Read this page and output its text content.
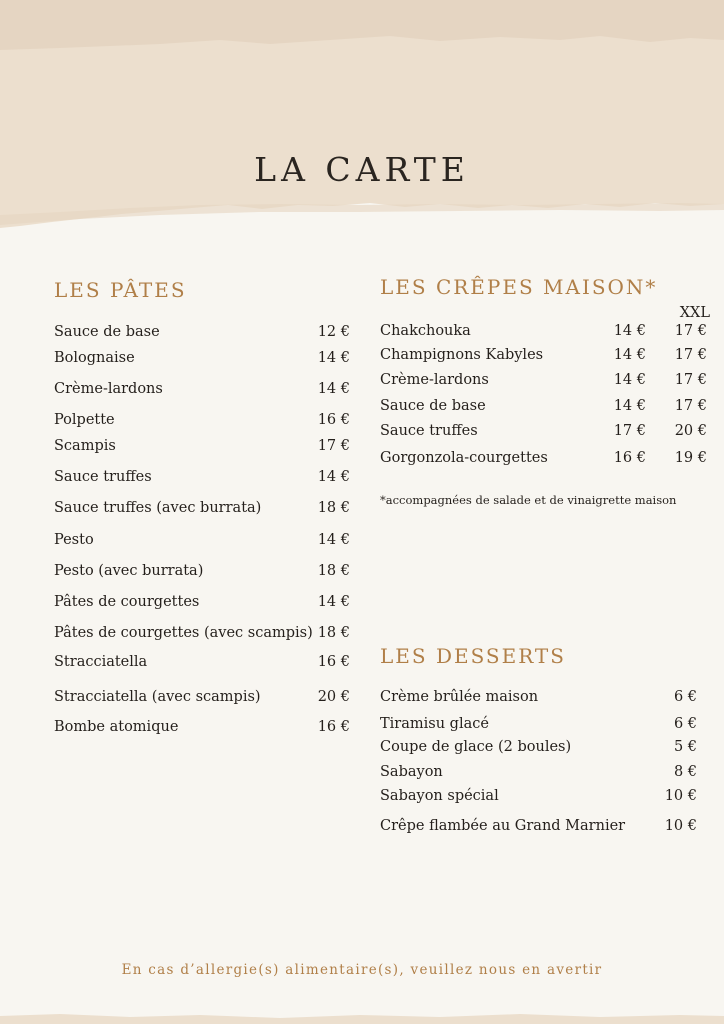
LA CARTE
LES PÂTES
Sauce de base	12 €
Bolognaise	14 €
Crème-lardons	14 €
Polpette	16 €
Scampis	17 €
Sauce truffes	14 €
Sauce truffes (avec burrata)	18 €
Pesto	14 €
Pesto (avec burrata)	18 €
Pâtes de courgettes	14 €
Pâtes de courgettes (avec scampis) 18 €
Stracciatella	16 €
Stracciatella (avec scampis)	20 €
Bombe atomique	16 €
LES CRÊPES MAISON*
XXL
Chakchouka	14 € 17 €
Champignons Kabyles	14 € 17 €
Crème-lardons	14 € 17 €
Sauce de base	14 € 17 €
Sauce truffes	17 € 20 €
Gorgonzola-courgettes	16 € 19 €
*accompagnées de salade et de vinaigrette maison
LES DESSERTS
Crème brûlée maison	6 €
Tiramisu glacé	6 €
Coupe de glace (2 boules)	5 €
Sabayon	8 €
Sabayon spécial	10 €
Crêpe flambée au Grand Marnier	10 €
En cas d’allergie(s) alimentaire(s), veuillez nous en avertir
